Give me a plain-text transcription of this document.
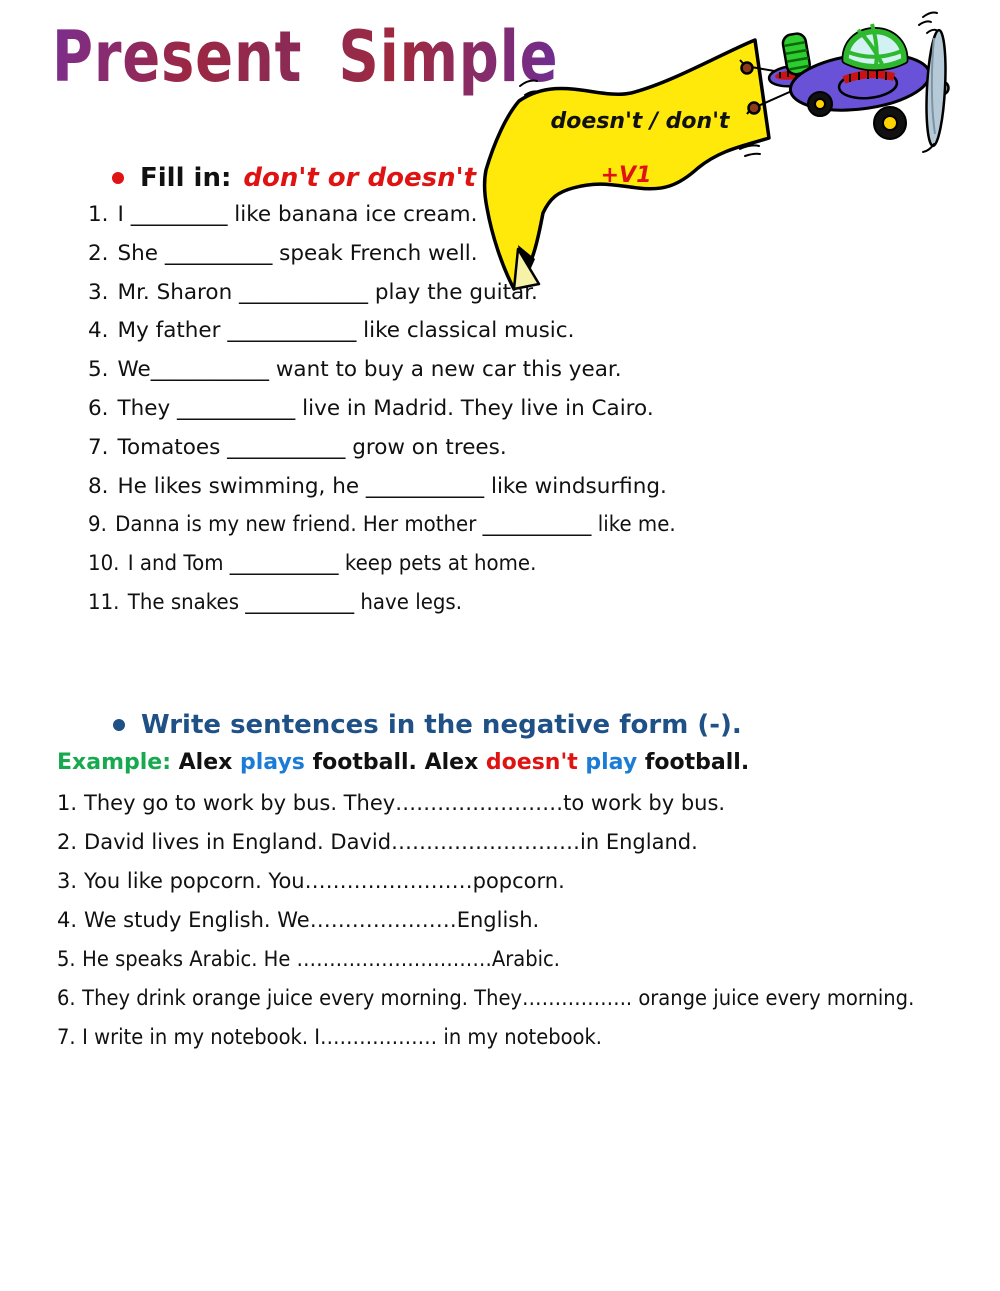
Present Simple
doesn't / don't
+V1
Fill in: don't or doesn't
1. I _________ like banana ice cream.
2. She __________ speak French well.
3. Mr. Sharon ____________ play the guitar.
4. My father ____________ like classical music.
5. We___________ want to buy a new car this year.
6. They ___________ live in Madrid. They live in Cairo.
7. Tomatoes ___________ grow on trees.
8. He likes swimming, he ___________ like windsurfing.
9. Danna is my new friend. Her mother ___________ like me.
10. I and Tom ___________ keep pets at home.
11. The snakes ___________ have legs.
Write sentences in the negative form (-).
Example: Alex plays football. Alex doesn't play football.
1. They go to work by bus. They……………………to work by bus.
2. David lives in England. David………………………in England.
3. You like popcorn. You……………………popcorn.
4. We study English. We…………………English.
5. He speaks Arabic. He …………………………Arabic.
6. They drink orange juice every morning. They…………….. orange juice every morning.
7. I write in my notebook. I……………… in my notebook.
